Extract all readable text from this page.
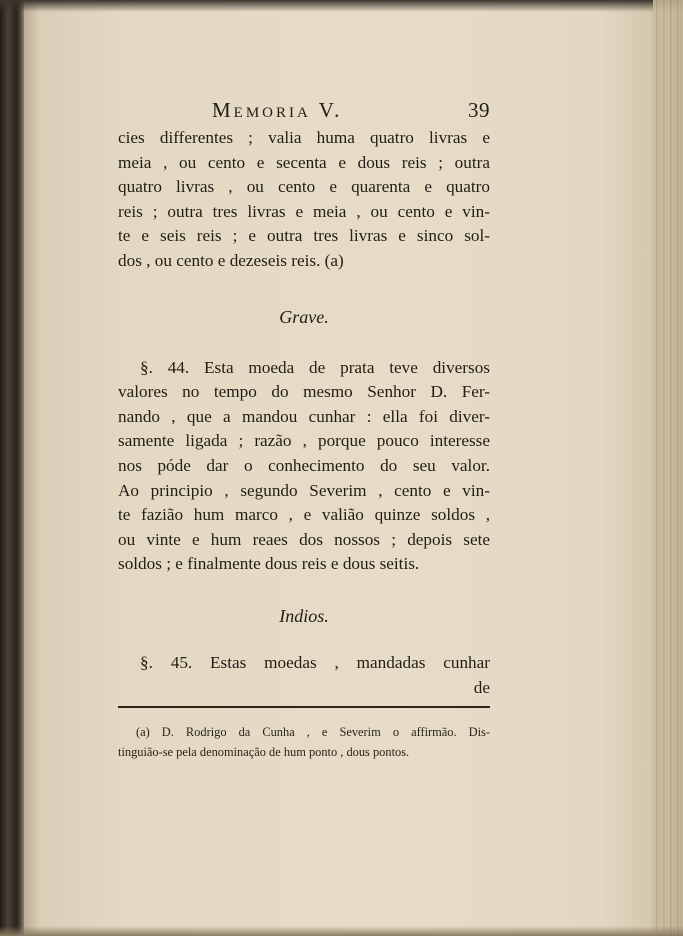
Memoria V.	39
cies differentes ; valia huma quatro livras e
meia , ou cento e secenta e dous reis ; outra
quatro livras , ou cento e quarenta e quatro
reis ; outra tres livras e meia , ou cento e vin-
te e seis reis ; e outra tres livras e sinco sol-
dos , ou cento e dezeseis reis. (a)
Grave.
§. 44. Esta moeda de prata teve diversos
valores no tempo do mesmo Senhor D. Fer-
nando , que a mandou cunhar : ella foi diver-
samente ligada ; razão , porque pouco interesse
nos póde dar o conhecimento do seu valor.
Ao principio , segundo Severim , cento e vin-
te fazião hum marco , e valião quinze soldos ,
ou vinte e hum reaes dos nossos ; depois sete
soldos ; e finalmente dous reis e dous seitis.
Indios.
§. 45. Estas moedas , mandadas cunhar
de
(a) D. Rodrigo da Cunha , e Severim o affirmão. Dis-
tinguião-se pela denominação de hum ponto , dous pontos.
